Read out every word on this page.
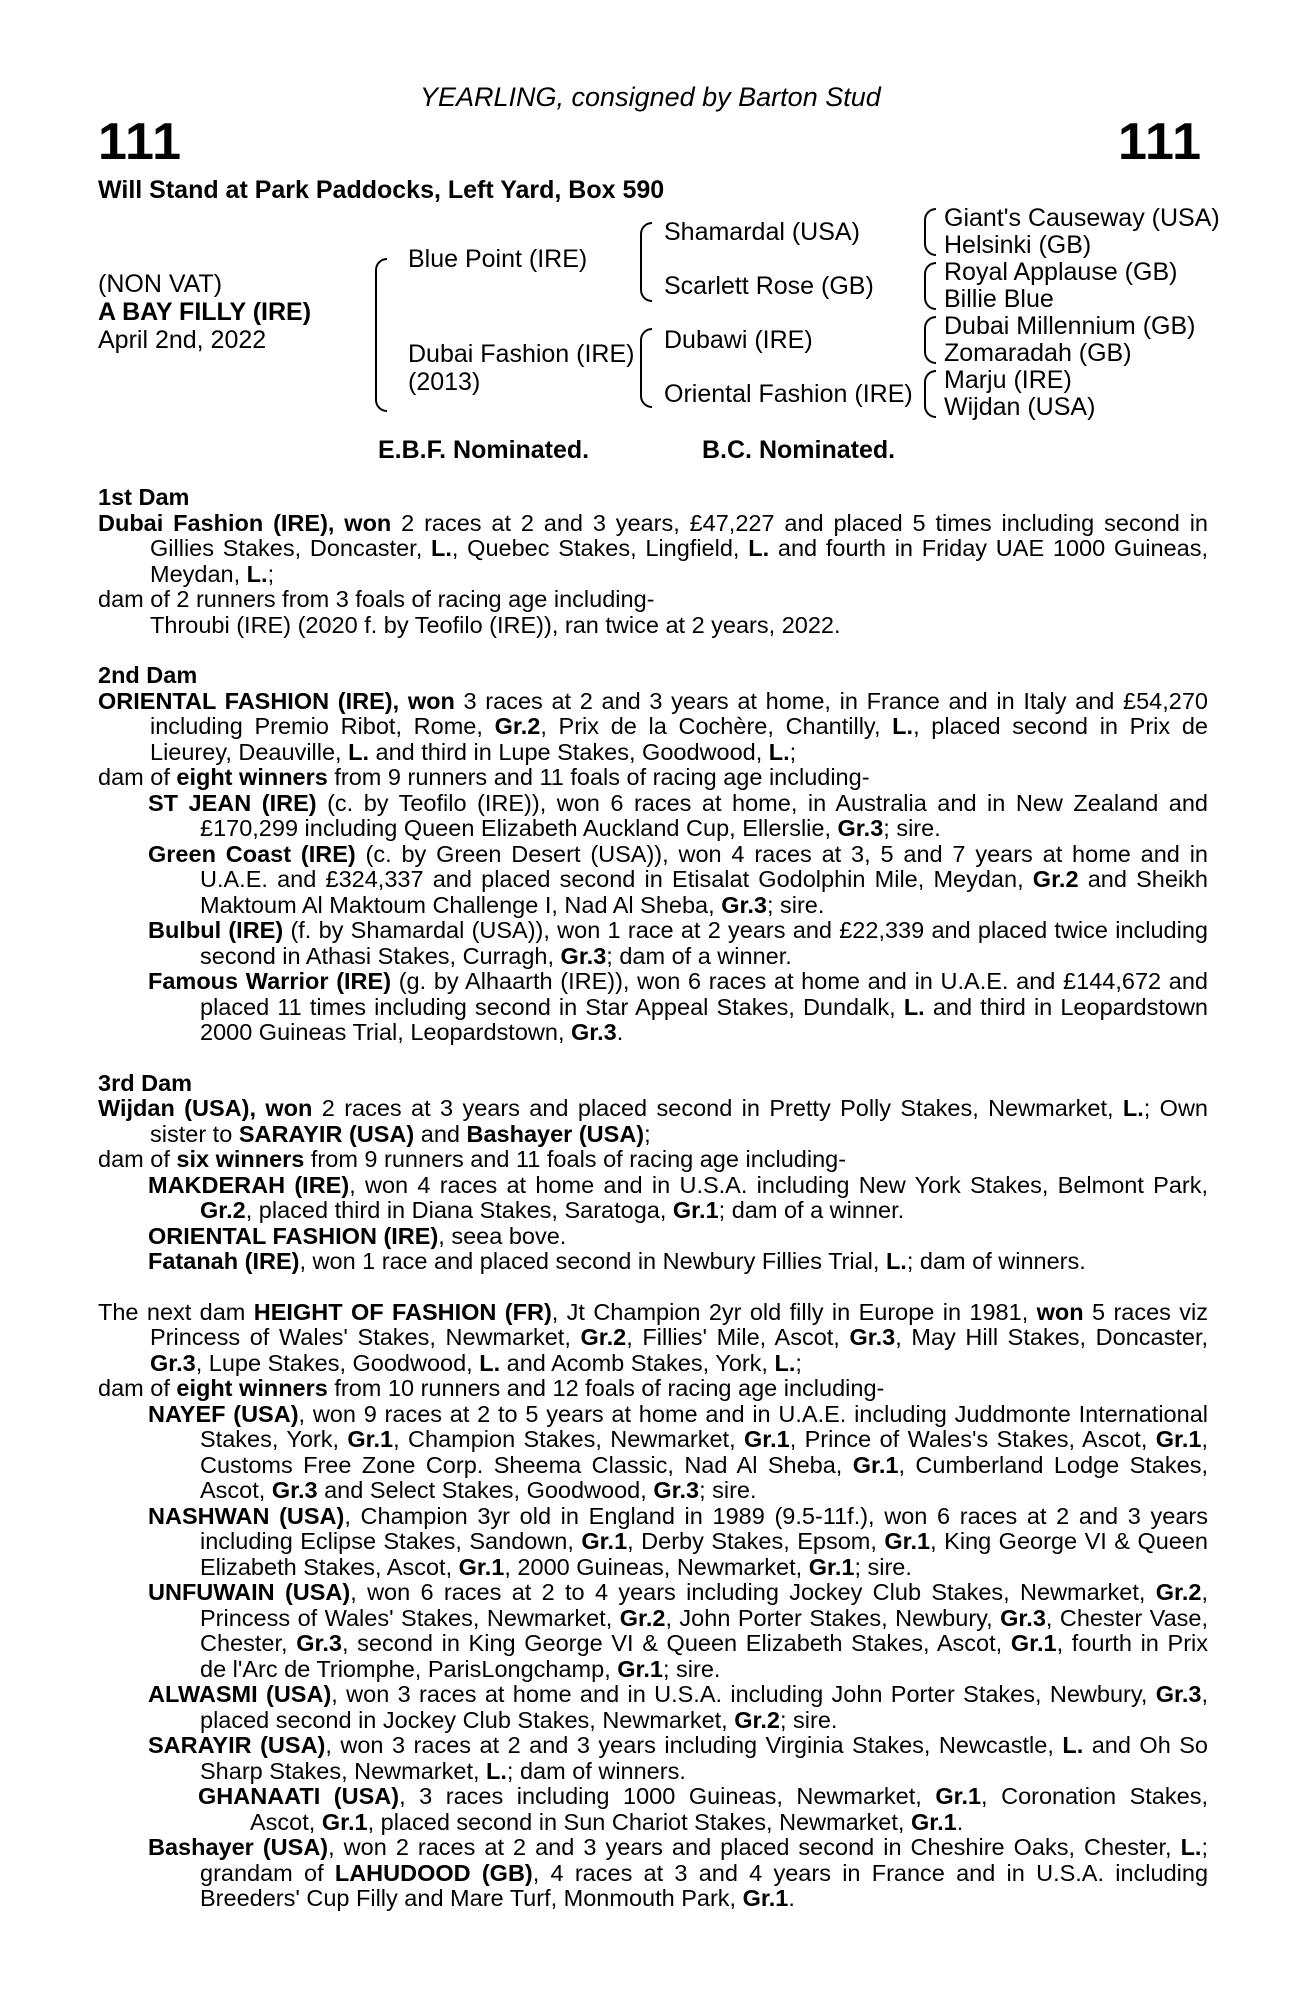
YEARLING, consigned by Barton Stud
111	111
Will Stand at Park Paddocks, Left Yard, Box 590
(NON VAT)
A BAY FILLY (IRE)
April 2nd, 2022
Blue Point (IRE)
Dubai Fashion (IRE)
(2013)
Shamardal (USA)
Scarlett Rose (GB)
Dubawi (IRE)
Oriental Fashion (IRE)
Giant's Causeway (USA)
Helsinki (GB)
Royal Applause (GB)
Billie Blue
Dubai Millennium (GB)
Zomaradah (GB)
Marju (IRE)
Wijdan (USA)
E.B.F. Nominated.	B.C. Nominated.

1st Dam

Dubai Fashion (IRE), won 2 races at 2 and 3 years, £47,227 and placed 5 times including second in Gillies Stakes, Doncaster, L., Quebec Stakes, Lingfield, L. and fourth in Friday UAE 1000 Guineas, Meydan, L.;

dam of 2 runners from 3 foals of racing age including-

Throubi (IRE) (2020 f. by Teofilo (IRE)), ran twice at 2 years, 2022.

2nd Dam

ORIENTAL FASHION (IRE), won 3 races at 2 and 3 years at home, in France and in Italy and £54,270 including Premio Ribot, Rome, Gr.2, Prix de la Cochère, Chantilly, L., placed second in Prix de Lieurey, Deauville, L. and third in Lupe Stakes, Goodwood, L.;

dam of eight winners from 9 runners and 11 foals of racing age including-

ST JEAN (IRE) (c. by Teofilo (IRE)), won 6 races at home, in Australia and in New Zealand and £170,299 including Queen Elizabeth Auckland Cup, Ellerslie, Gr.3; sire.

Green Coast (IRE) (c. by Green Desert (USA)), won 4 races at 3, 5 and 7 years at home and in U.A.E. and £324,337 and placed second in Etisalat Godolphin Mile, Meydan, Gr.2 and Sheikh Maktoum Al Maktoum Challenge I, Nad Al Sheba, Gr.3; sire.

Bulbul (IRE) (f. by Shamardal (USA)), won 1 race at 2 years and £22,339 and placed twice including second in Athasi Stakes, Curragh, Gr.3; dam of a winner.

Famous Warrior (IRE) (g. by Alhaarth (IRE)), won 6 races at home and in U.A.E. and £144,672 and placed 11 times including second in Star Appeal Stakes, Dundalk, L. and third in Leopardstown 2000 Guineas Trial, Leopardstown, Gr.3.

3rd Dam

Wijdan (USA), won 2 races at 3 years and placed second in Pretty Polly Stakes, Newmarket, L.; Own sister to SARAYIR (USA) and Bashayer (USA);

dam of six winners from 9 runners and 11 foals of racing age including-

MAKDERAH (IRE), won 4 races at home and in U.S.A. including New York Stakes, Belmont Park, Gr.2, placed third in Diana Stakes, Saratoga, Gr.1; dam of a winner.

ORIENTAL FASHION (IRE), seea bove.

Fatanah (IRE), won 1 race and placed second in Newbury Fillies Trial, L.; dam of winners.

The next dam HEIGHT OF FASHION (FR), Jt Champion 2yr old filly in Europe in 1981, won 5 races viz Princess of Wales' Stakes, Newmarket, Gr.2, Fillies' Mile, Ascot, Gr.3, May Hill Stakes, Doncaster, Gr.3, Lupe Stakes, Goodwood, L. and Acomb Stakes, York, L.;

dam of eight winners from 10 runners and 12 foals of racing age including-

NAYEF (USA), won 9 races at 2 to 5 years at home and in U.A.E. including Juddmonte International Stakes, York, Gr.1, Champion Stakes, Newmarket, Gr.1, Prince of Wales's Stakes, Ascot, Gr.1, Customs Free Zone Corp. Sheema Classic, Nad Al Sheba, Gr.1, Cumberland Lodge Stakes, Ascot, Gr.3 and Select Stakes, Goodwood, Gr.3; sire.

NASHWAN (USA), Champion 3yr old in England in 1989 (9.5-11f.), won 6 races at 2 and 3 years including Eclipse Stakes, Sandown, Gr.1, Derby Stakes, Epsom, Gr.1, King George VI & Queen Elizabeth Stakes, Ascot, Gr.1, 2000 Guineas, Newmarket, Gr.1; sire.

UNFUWAIN (USA), won 6 races at 2 to 4 years including Jockey Club Stakes, Newmarket, Gr.2, Princess of Wales' Stakes, Newmarket, Gr.2, John Porter Stakes, Newbury, Gr.3, Chester Vase, Chester, Gr.3, second in King George VI & Queen Elizabeth Stakes, Ascot, Gr.1, fourth in Prix de l'Arc de Triomphe, ParisLongchamp, Gr.1; sire.

ALWASMI (USA), won 3 races at home and in U.S.A. including John Porter Stakes, Newbury, Gr.3, placed second in Jockey Club Stakes, Newmarket, Gr.2; sire.

SARAYIR (USA), won 3 races at 2 and 3 years including Virginia Stakes, Newcastle, L. and Oh So Sharp Stakes, Newmarket, L.; dam of winners.

GHANAATI (USA), 3 races including 1000 Guineas, Newmarket, Gr.1, Coronation Stakes, Ascot, Gr.1, placed second in Sun Chariot Stakes, Newmarket, Gr.1.

Bashayer (USA), won 2 races at 2 and 3 years and placed second in Cheshire Oaks, Chester, L.; grandam of LAHUDOOD (GB), 4 races at 3 and 4 years in France and in U.S.A. including Breeders' Cup Filly and Mare Turf, Monmouth Park, Gr.1.
